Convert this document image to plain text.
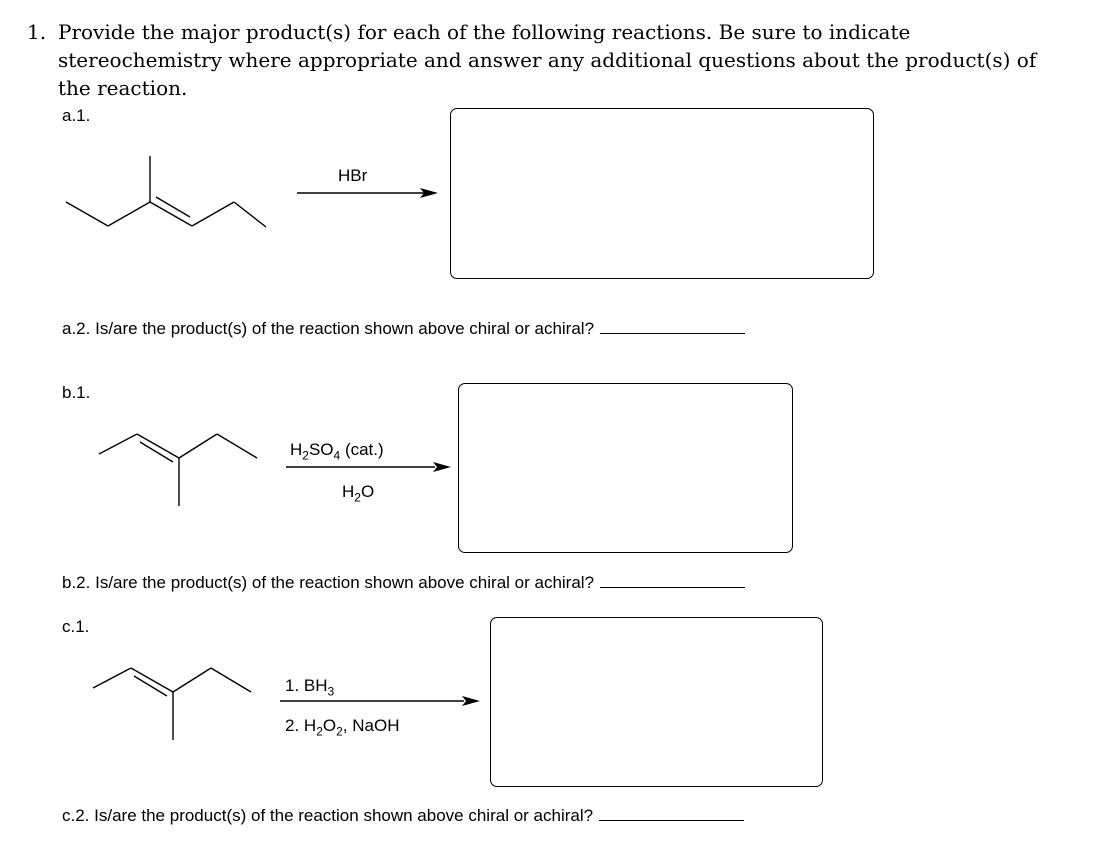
1. Provide the major product(s) for each of the following reactions. Be sure to indicate stereochemistry where appropriate and answer any additional questions about the product(s) of the reaction.
a.1.
HBr
a.2. Is/are the product(s) of the reaction shown above chiral or achiral?
b.1.
$H_2SO_4$ (cat.)
$H_2O$
b.2. Is/are the product(s) of the reaction shown above chiral or achiral?
c.1.
1. $BH_3$
2. $H_2O_2$, NaOH
c.2. Is/are the product(s) of the reaction shown above chiral or achiral?
